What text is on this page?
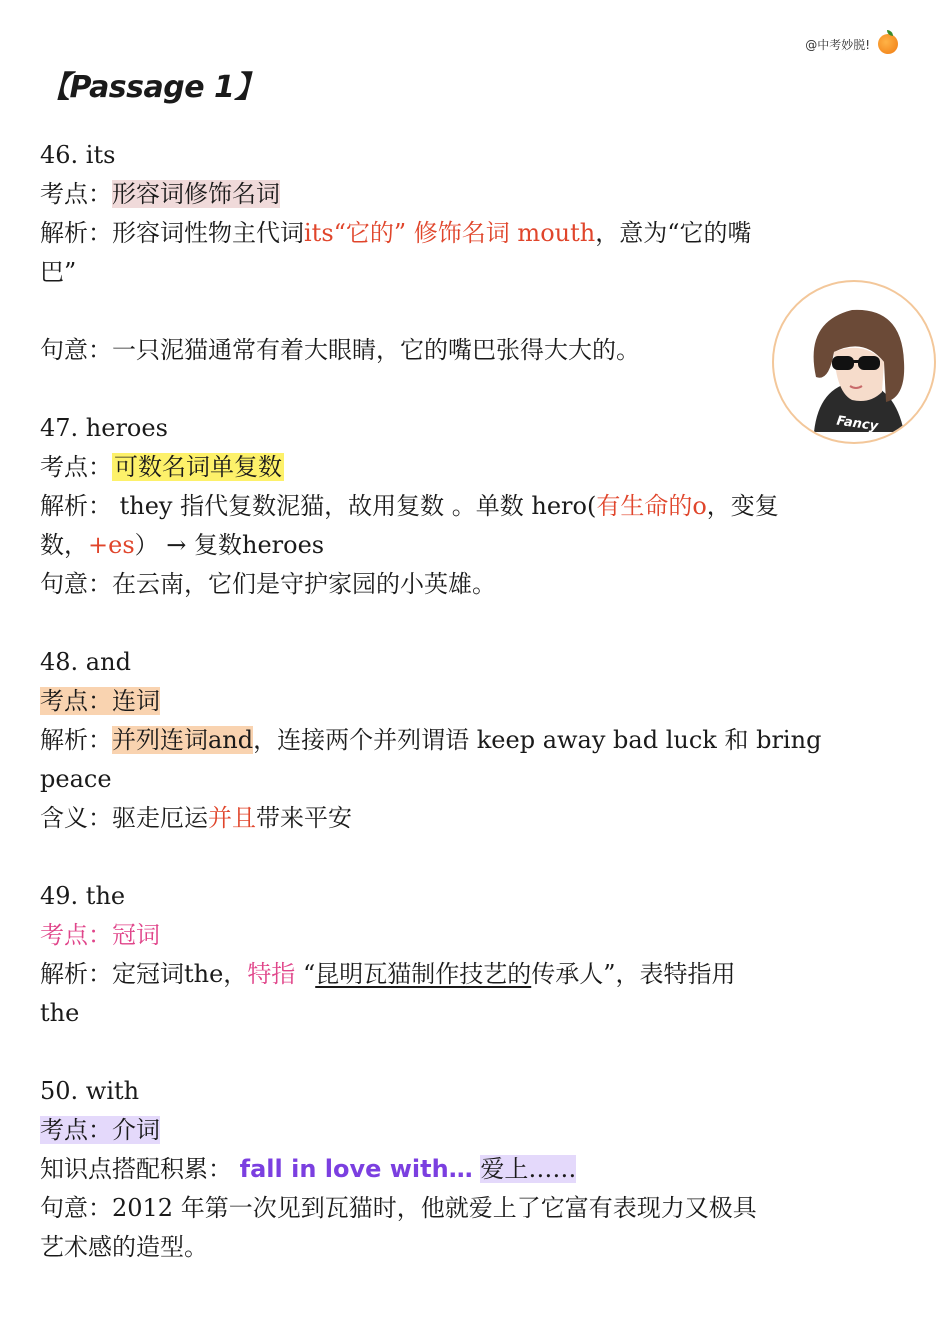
@中考妙脱!
【Passage 1】
Fancy
46. its
考点：形容词修饰名词
解析：形容词性物主代词its“它的” 修饰名词 mouth，意为“它的嘴
巴”
句意：一只泥猫通常有着大眼睛，它的嘴巴张得大大的。
47. heroes
考点：可数名词单复数
解析： they 指代复数泥猫，故用复数 。单数 hero(有生命的o，变复
数，+es） → 复数heroes
句意：在云南，它们是守护家园的小英雄。
48. and
考点：连词
解析：并列连词and，连接两个并列谓语 keep away bad luck 和 bring
peace
含义：驱走厄运并且带来平安
49. the
考点：冠词
解析：定冠词the，特指 “昆明瓦猫制作技艺的传承人”，表特指用
the
50. with
考点：介词
知识点搭配积累： fall in love with… 爱上……
句意：2012 年第一次见到瓦猫时，他就爱上了它富有表现力又极具
艺术感的造型。
